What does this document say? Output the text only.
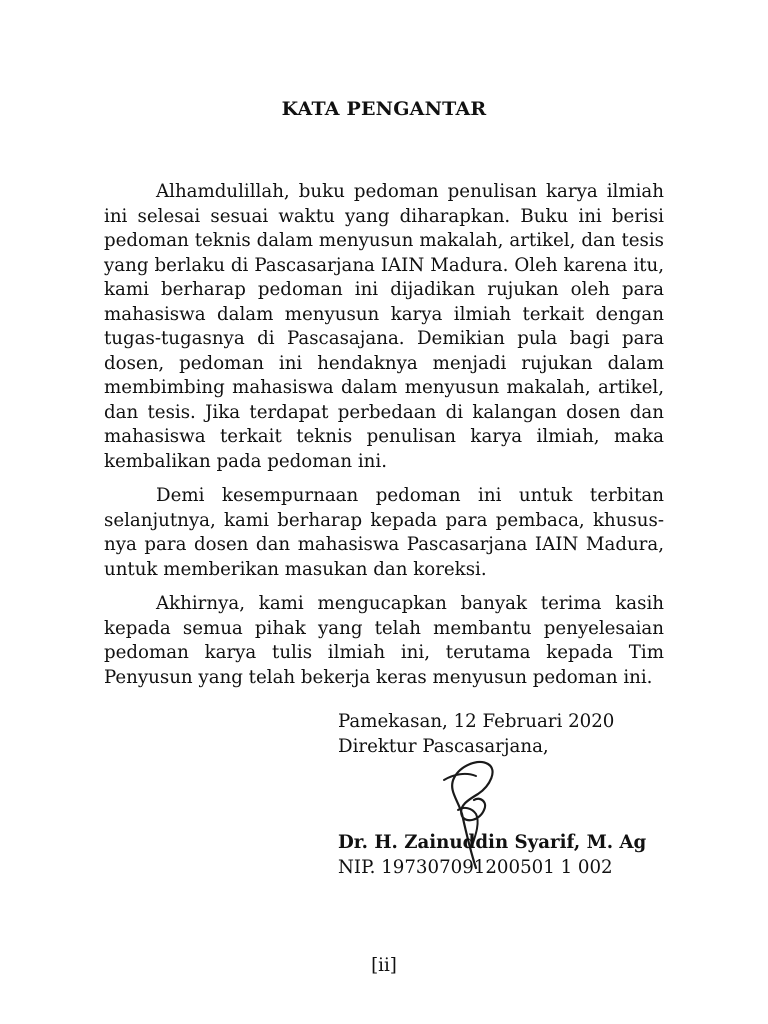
KATA PENGANTAR

Alhamdulillah, buku pedoman penulisan karya ilmiah ini selesai sesuai waktu yang diharapkan. Buku ini berisi pedoman teknis dalam menyusun makalah, artikel, dan tesis yang berlaku di Pascasarjana IAIN Madura. Oleh karena itu, kami berharap pedoman ini dijadikan rujukan oleh para mahasiswa dalam menyusun karya ilmiah terkait dengan tugas-tugasnya di Pascasajana. Demikian pula bagi para dosen, pedoman ini hendaknya menjadi rujukan dalam membimbing mahasiswa dalam menyusun makalah, artikel, dan tesis. Jika terdapat perbedaan di kalangan dosen dan mahasiswa terkait teknis penulisan karya ilmiah, maka kembalikan pada pedoman ini.

Demi kesempurnaan pedoman ini untuk terbitan selanjutnya, kami berharap kepada para pembaca, khususnya para dosen dan mahasiswa Pascasarjana IAIN Madura, untuk memberikan masukan dan koreksi.

Akhirnya, kami mengucapkan banyak terima kasih kepada semua pihak yang telah membantu penyelesaian pedoman karya tulis ilmiah ini, terutama kepada Tim Penyusun yang telah bekerja keras menyusun pedoman ini.

Pamekasan, 12 Februari 2020
Direktur Pascasarjana,
Dr. H. Zainuddin Syarif, M. Ag
NIP. 197307091200501 1 002
[ii]
